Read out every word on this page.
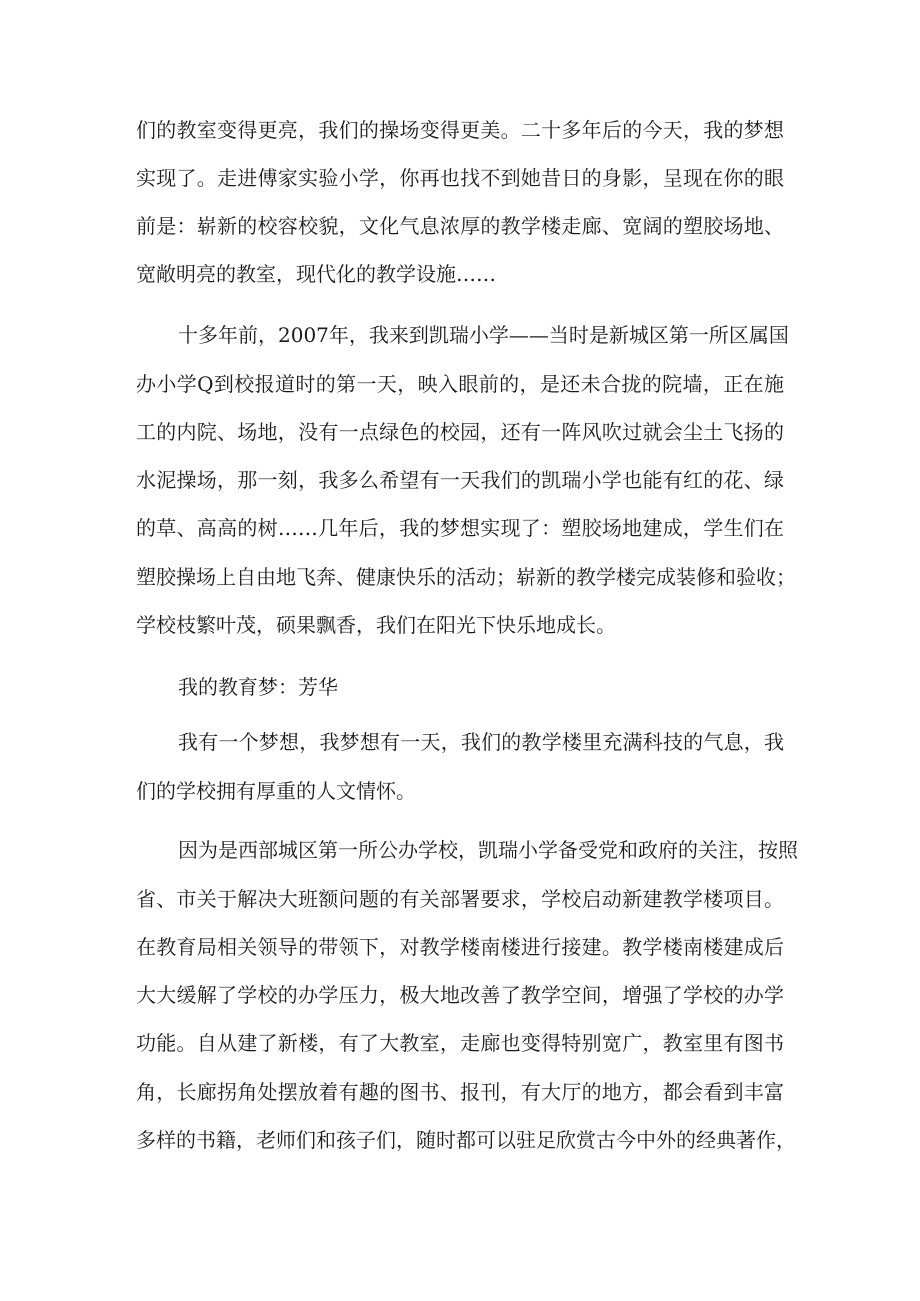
们的教室变得更亮，我们的操场变得更美。二十多年后的今天，我的梦想
实现了。走进傅家实验小学，你再也找不到她昔日的身影，呈现在你的眼
前是：崭新的校容校貌，文化气息浓厚的教学楼走廊、宽阔的塑胶场地、
宽敞明亮的教室，现代化的教学设施……
十多年前，2007年，我来到凯瑞小学——当时是新城区第一所区属国
办小学Q到校报道时的第一天，映入眼前的，是还未合拢的院墙，正在施
工的内院、场地，没有一点绿色的校园，还有一阵风吹过就会尘土飞扬的
水泥操场，那一刻，我多么希望有一天我们的凯瑞小学也能有红的花、绿
的草、高高的树……几年后，我的梦想实现了：塑胶场地建成，学生们在
塑胶操场上自由地飞奔、健康快乐的活动；崭新的教学楼完成装修和验收；
学校枝繁叶茂，硕果飘香，我们在阳光下快乐地成长。
我的教育梦：芳华
我有一个梦想，我梦想有一天，我们的教学楼里充满科技的气息，我
们的学校拥有厚重的人文情怀。
因为是西部城区第一所公办学校，凯瑞小学备受党和政府的关注，按照
省、市关于解决大班额问题的有关部署要求，学校启动新建教学楼项目。
在教育局相关领导的带领下，对教学楼南楼进行接建。教学楼南楼建成后
大大缓解了学校的办学压力，极大地改善了教学空间，增强了学校的办学
功能。自从建了新楼，有了大教室，走廊也变得特别宽广，教室里有图书
角，长廊拐角处摆放着有趣的图书、报刊，有大厅的地方，都会看到丰富
多样的书籍，老师们和孩子们，随时都可以驻足欣赏古今中外的经典著作，
